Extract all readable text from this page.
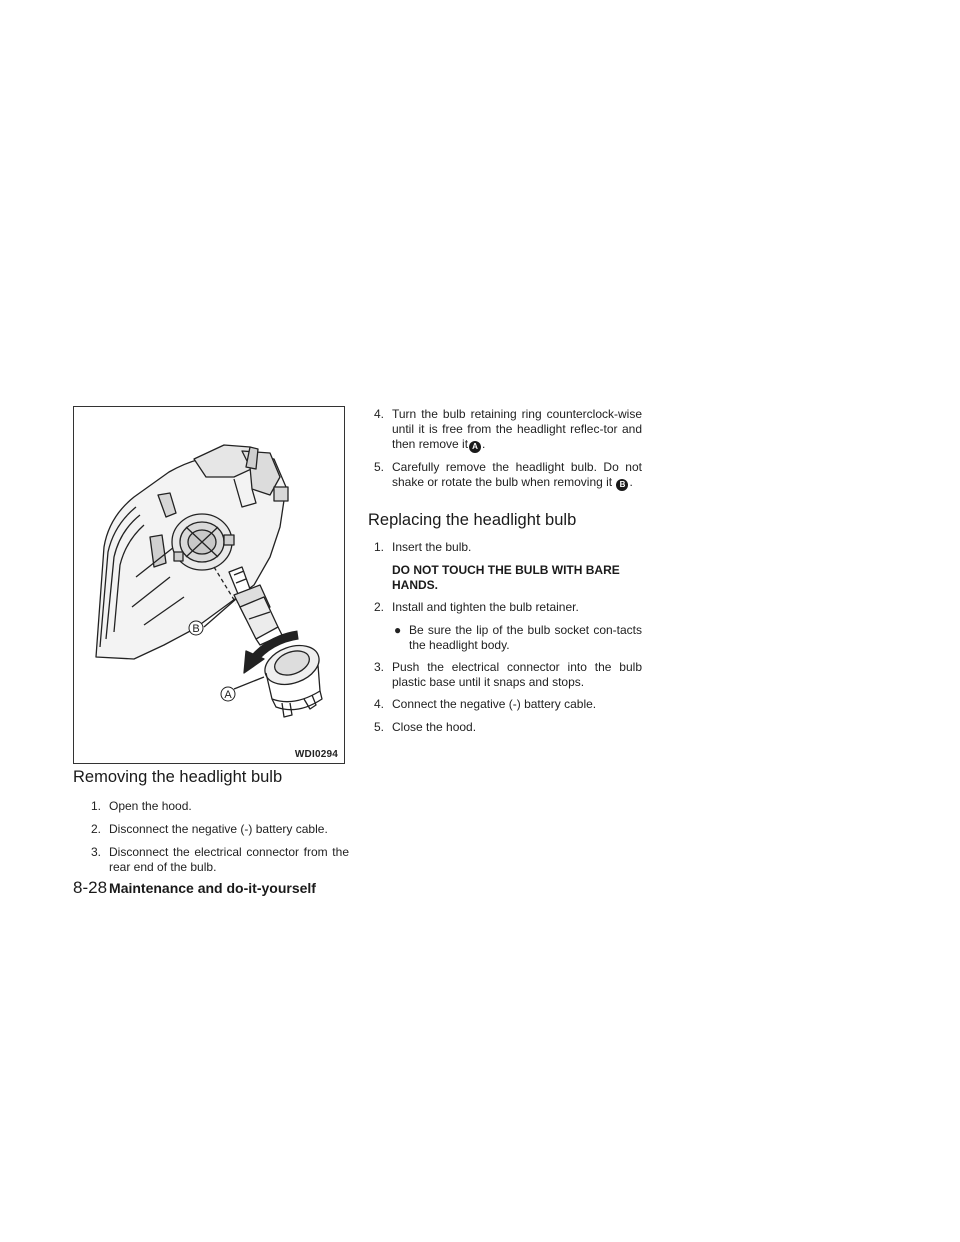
B
A
WDI0294
Removing the headlight bulb
1. Open the hood.
2. Disconnect the negative (-) battery cable.
3. Disconnect the electrical connector from the rear end of the bulb.
4. Turn the bulb retaining ring counterclock-wise until it is free from the headlight reflec-tor and then remove it A .
5. Carefully remove the headlight bulb. Do not shake or rotate the bulb when removing it B .
Replacing the headlight bulb
1. Insert the bulb.
DO NOT TOUCH THE BULB WITH BARE HANDS.
2. Install and tighten the bulb retainer.
● Be sure the lip of the bulb socket con-tacts the headlight body.
3. Push the electrical connector into the bulb plastic base until it snaps and stops.
4. Connect the negative (-) battery cable.
5. Close the hood.
8-28 Maintenance and do-it-yourself
